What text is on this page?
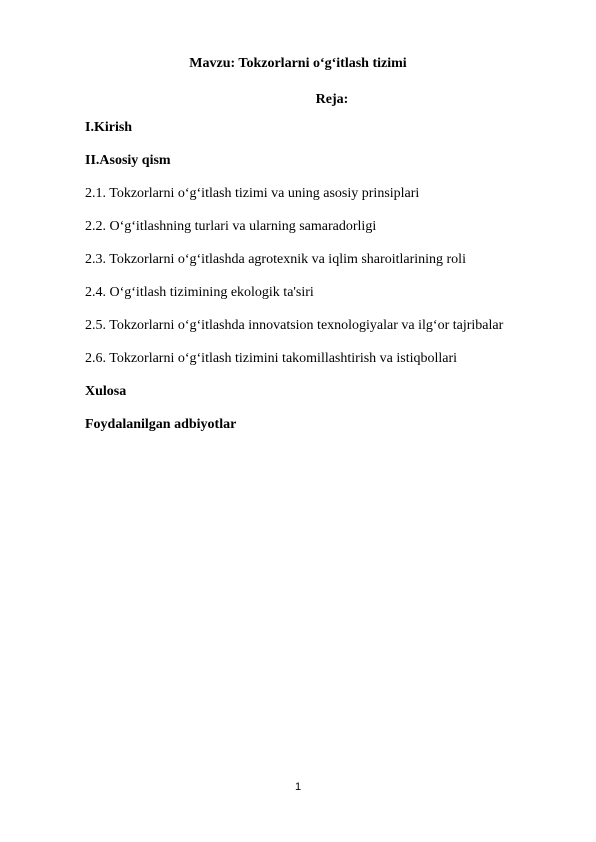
Mavzu: Tokzorlarni o‘g‘itlash tizimi
Reja:
I.Kirish
II.Asosiy qism
2.1. Tokzorlarni o‘g‘itlash tizimi va uning asosiy prinsiplari
2.2. O‘g‘itlashning turlari va ularning samaradorligi
2.3. Tokzorlarni o‘g‘itlashda agrotexnik va iqlim sharoitlarining roli
2.4. O‘g‘itlash tizimining ekologik ta'siri
2.5. Tokzorlarni o‘g‘itlashda innovatsion texnologiyalar va ilg‘or tajribalar
2.6. Tokzorlarni o‘g‘itlash tizimini takomillashtirish va istiqbollari
Xulosa
Foydalanilgan adbiyotlar
1
